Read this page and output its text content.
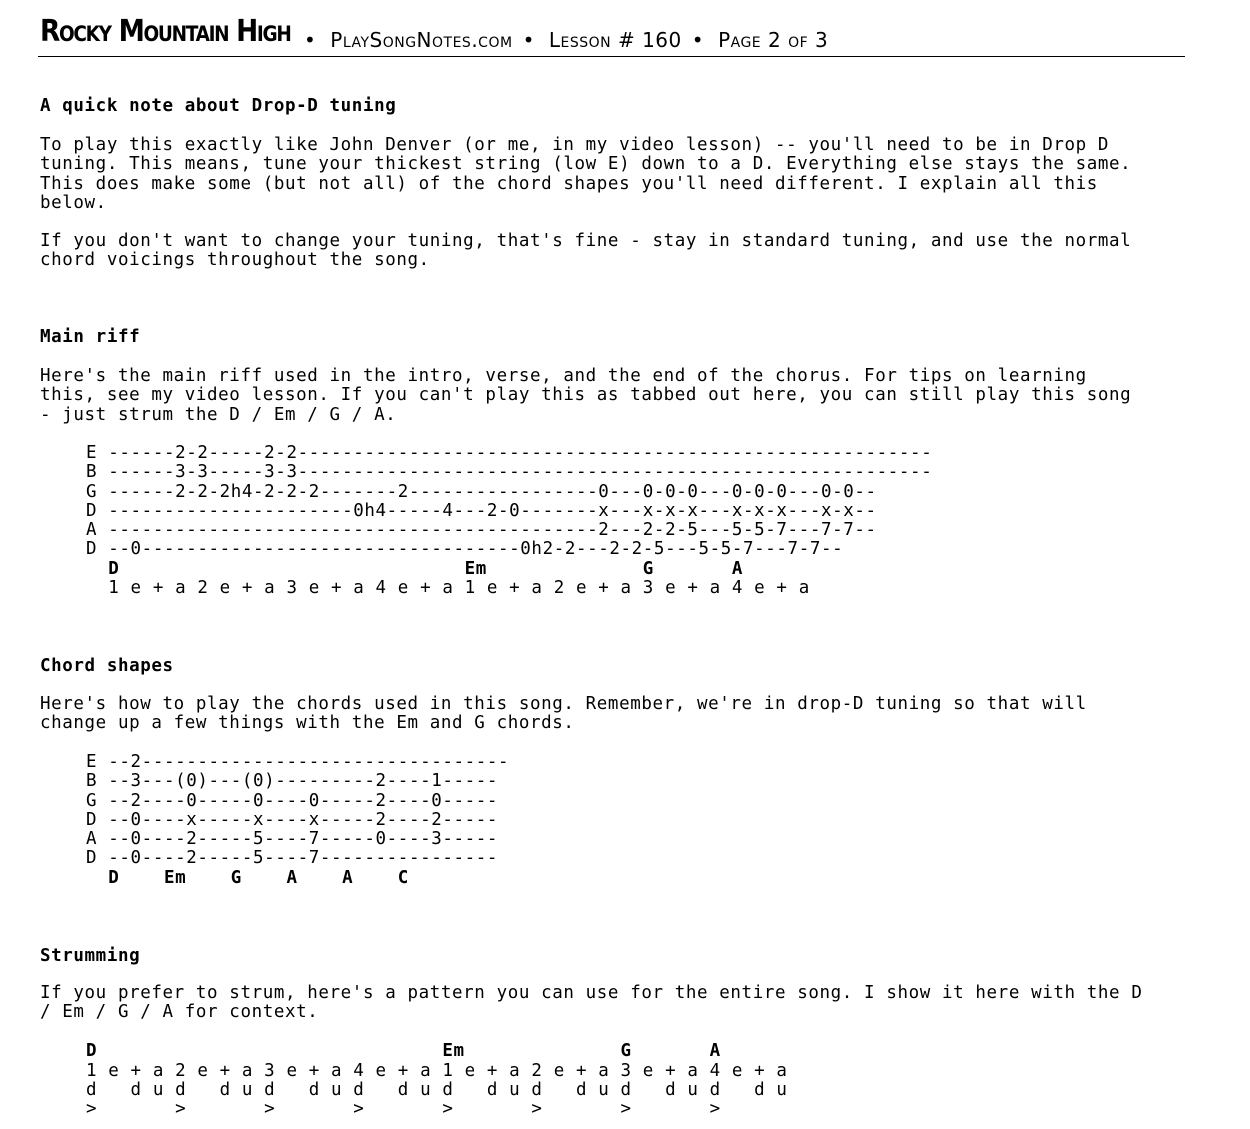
Rocky Mountain High • PlaySongNotes.com • Lesson # 160 • Page 2 of 3
A quick note about Drop-D tuning
To play this exactly like John Denver (or me, in my video lesson) -- you'll need to be in Drop D
tuning. This means, tune your thickest string (low E) down to a D. Everything else stays the same.
This does make some (but not all) of the chord shapes you'll need different. I explain all this
below.
If you don't want to change your tuning, that's fine - stay in standard tuning, and use the normal
chord voicings throughout the song.
Main riff
Here's the main riff used in the intro, verse, and the end of the chorus. For tips on learning
this, see my video lesson. If you can't play this as tabbed out here, you can still play this song
- just strum the D / Em / G / A.
E ------2-2-----2-2---------------------------------------------------------
B ------3-3-----3-3---------------------------------------------------------
G ------2-2-2h4-2-2-2-------2-----------------0---0-0-0---0-0-0---0-0--
D ----------------------0h4-----4---2-0-------x---x-x-x---x-x-x---x-x--
A --------------------------------------------2---2-2-5---5-5-7---7-7--
D --0----------------------------------0h2-2---2-2-5---5-5-7---7-7--
D                               Em              G       A
1 e + a 2 e + a 3 e + a 4 e + a 1 e + a 2 e + a 3 e + a 4 e + a
Chord shapes
Here's how to play the chords used in this song. Remember, we're in drop-D tuning so that will
change up a few things with the Em and G chords.
E --2---------------------------------
B --3---(0)---(0)---------2----1-----
G --2----0-----0----0-----2----0-----
D --0----x-----x----x-----2----2-----
A --0----2-----5----7-----0----3-----
D --0----2-----5----7----------------
D    Em    G    A    A    C
Strumming
If you prefer to strum, here's a pattern you can use for the entire song. I show it here with the D
/ Em / G / A for context.
D                               Em              G       A
1 e + a 2 e + a 3 e + a 4 e + a 1 e + a 2 e + a 3 e + a 4 e + a
d   d u d   d u d   d u d   d u d   d u d   d u d   d u d   d u
>       >       >       >       >       >       >       >
